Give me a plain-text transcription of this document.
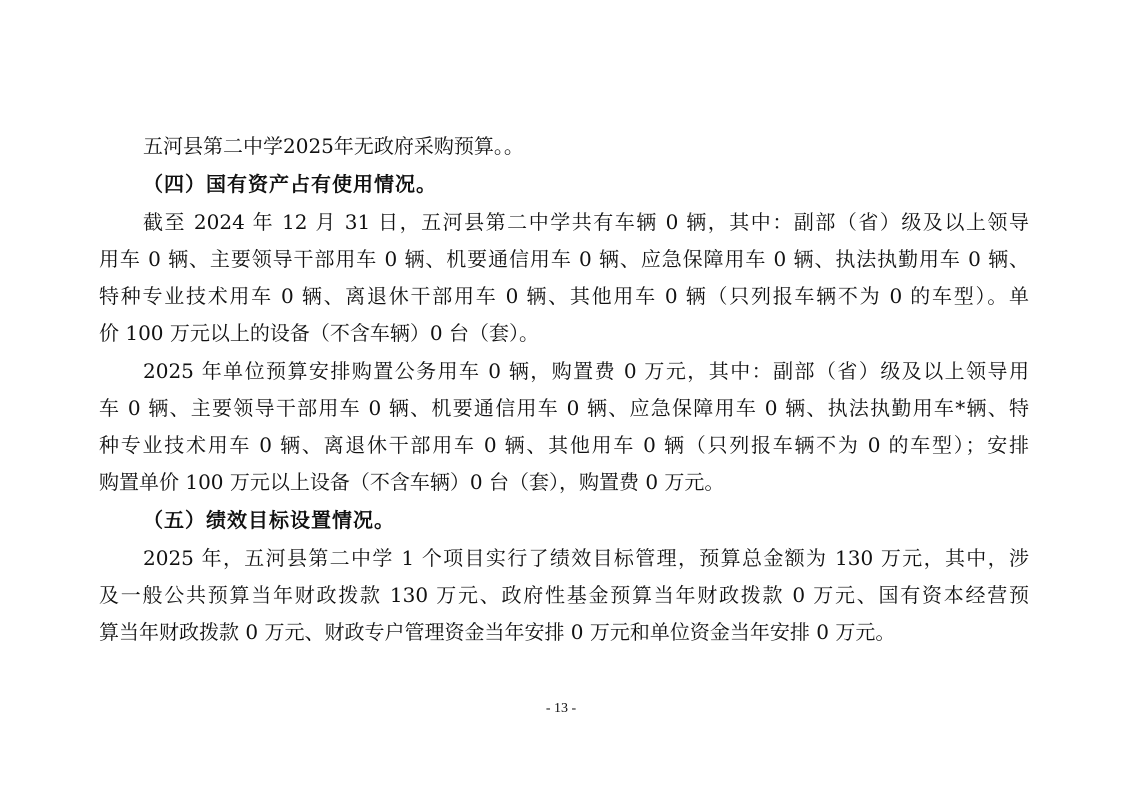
五河县第二中学2025年无政府采购预算。。
（四）国有资产占有使用情况。
截至 2024 年 12 月 31 日，五河县第二中学共有车辆 0 辆，其中：副部（省）级及以上领导
用车 0 辆、主要领导干部用车 0 辆、机要通信用车 0 辆、应急保障用车 0 辆、执法执勤用车 0 辆、
特种专业技术用车 0 辆、离退休干部用车 0 辆、其他用车 0 辆（只列报车辆不为 0 的车型）。单
价 100 万元以上的设备（不含车辆）0 台（套）。
2025 年单位预算安排购置公务用车 0 辆，购置费 0 万元，其中：副部（省）级及以上领导用
车 0 辆、主要领导干部用车 0 辆、机要通信用车 0 辆、应急保障用车 0 辆、执法执勤用车*辆、特
种专业技术用车 0 辆、离退休干部用车 0 辆、其他用车 0 辆（只列报车辆不为 0 的车型）；安排
购置单价 100 万元以上设备（不含车辆）0 台（套），购置费 0 万元。
（五）绩效目标设置情况。
2025 年，五河县第二中学 1 个项目实行了绩效目标管理，预算总金额为 130 万元，其中，涉
及一般公共预算当年财政拨款 130 万元、政府性基金预算当年财政拨款 0 万元、国有资本经营预
算当年财政拨款 0 万元、财政专户管理资金当年安排 0 万元和单位资金当年安排 0 万元。
- 13 -
